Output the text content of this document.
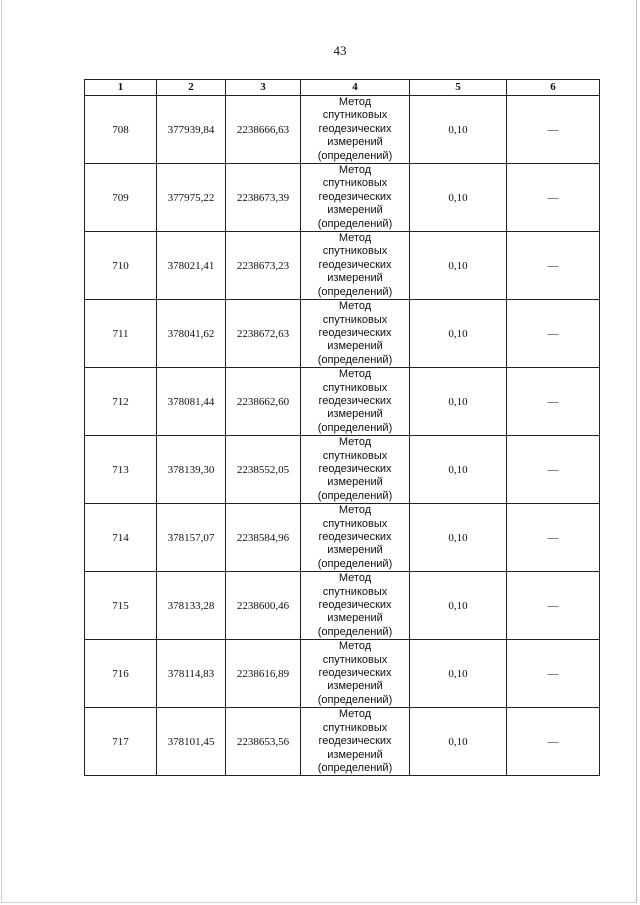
43
1	2	3	4	5	6
708	377939,84	2238666,63	Метод
спутниковых
геодезических
измерений
(определений)	0,10	—
709	377975,22	2238673,39	Метод
спутниковых
геодезических
измерений
(определений)	0,10	—
710	378021,41	2238673,23	Метод
спутниковых
геодезических
измерений
(определений)	0,10	—
711	378041,62	2238672,63	Метод
спутниковых
геодезических
измерений
(определений)	0,10	—
712	378081,44	2238662,60	Метод
спутниковых
геодезических
измерений
(определений)	0,10	—
713	378139,30	2238552,05	Метод
спутниковых
геодезических
измерений
(определений)	0,10	—
714	378157,07	2238584,96	Метод
спутниковых
геодезических
измерений
(определений)	0,10	—
715	378133,28	2238600,46	Метод
спутниковых
геодезических
измерений
(определений)	0,10	—
716	378114,83	2238616,89	Метод
спутниковых
геодезических
измерений
(определений)	0,10	—
717	378101,45	2238653,56	Метод
спутниковых
геодезических
измерений
(определений)	0,10	—
